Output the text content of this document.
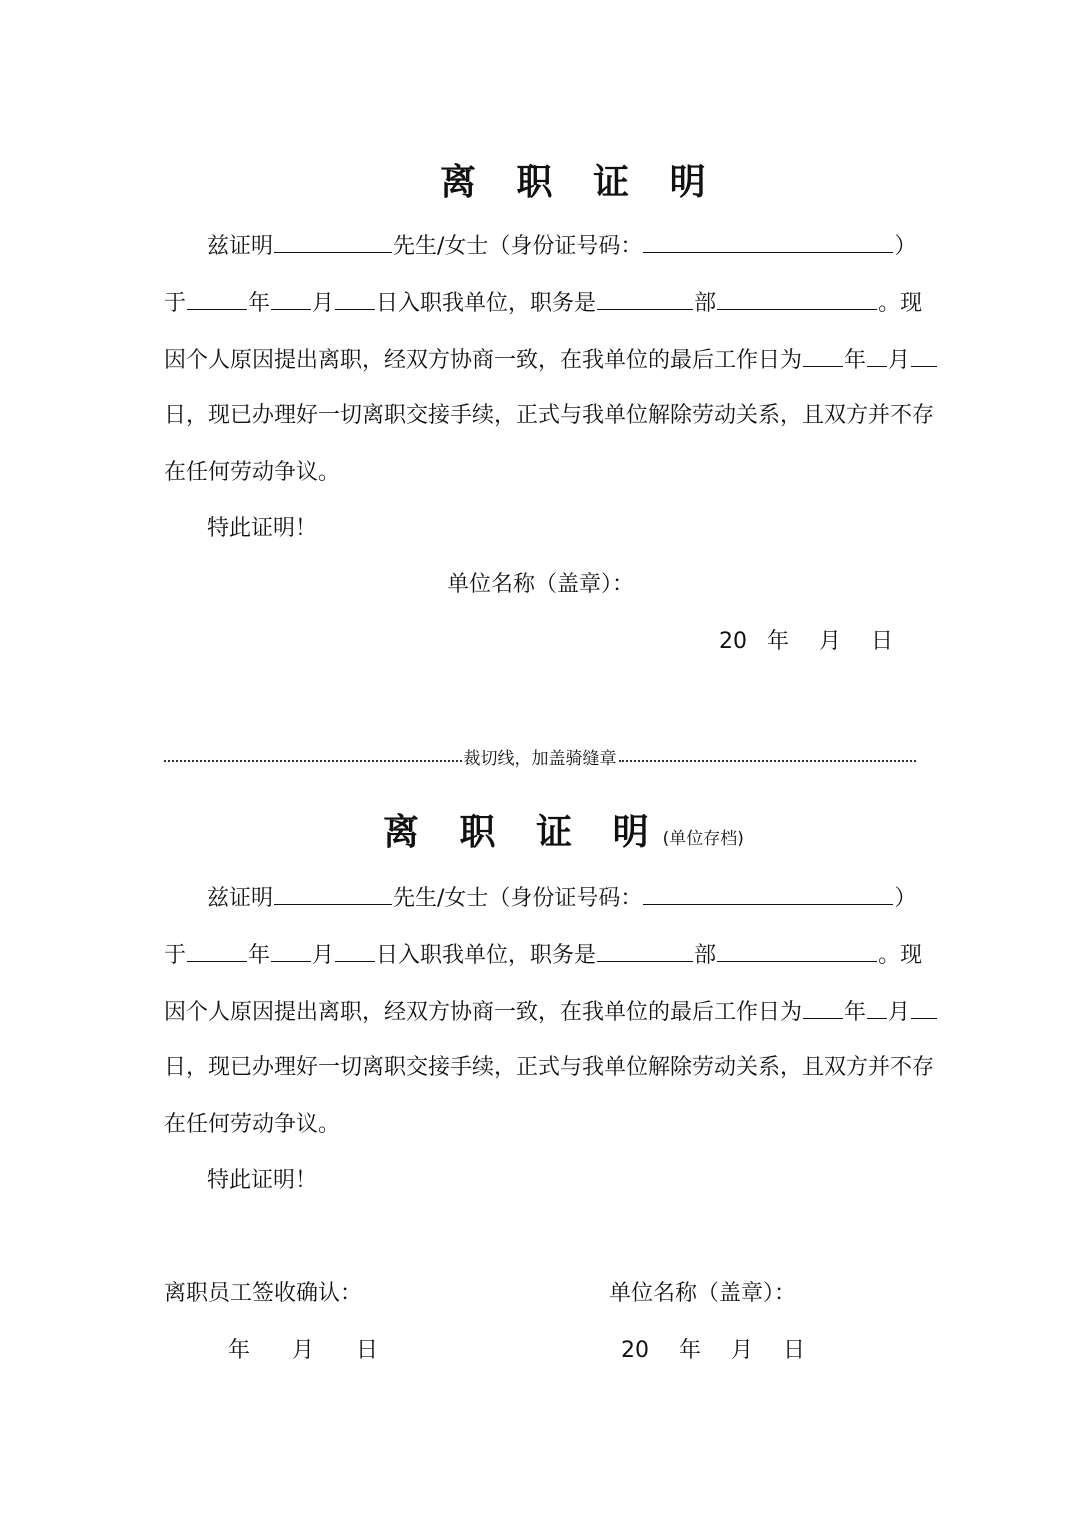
离 职 证 明
兹证明	先生/女士（身份证号码：	）
于	年 月 日入职我单位，职务是	部	。现
因个人原因提出离职，经双方协商一致，在我单位的最后工作日为 年 月
日，现已办理好一切离职交接手续，正式与我单位解除劳动关系，且双方并不存
在任何劳动争议。
特此证明！
单位名称（盖章）：
20 年 月 日
裁切线，加盖骑缝章
离 职 证 明(单位存档)
兹证明	先生/女士（身份证号码：	）
于	年 月 日入职我单位，职务是	部	。现
因个人原因提出离职，经双方协商一致，在我单位的最后工作日为 年 月
日，现已办理好一切离职交接手续，正式与我单位解除劳动关系，且双方并不存
在任何劳动争议。
特此证明！
离职员工签收确认：	单位名称（盖章）：
年 月 日	20 年 月 日
